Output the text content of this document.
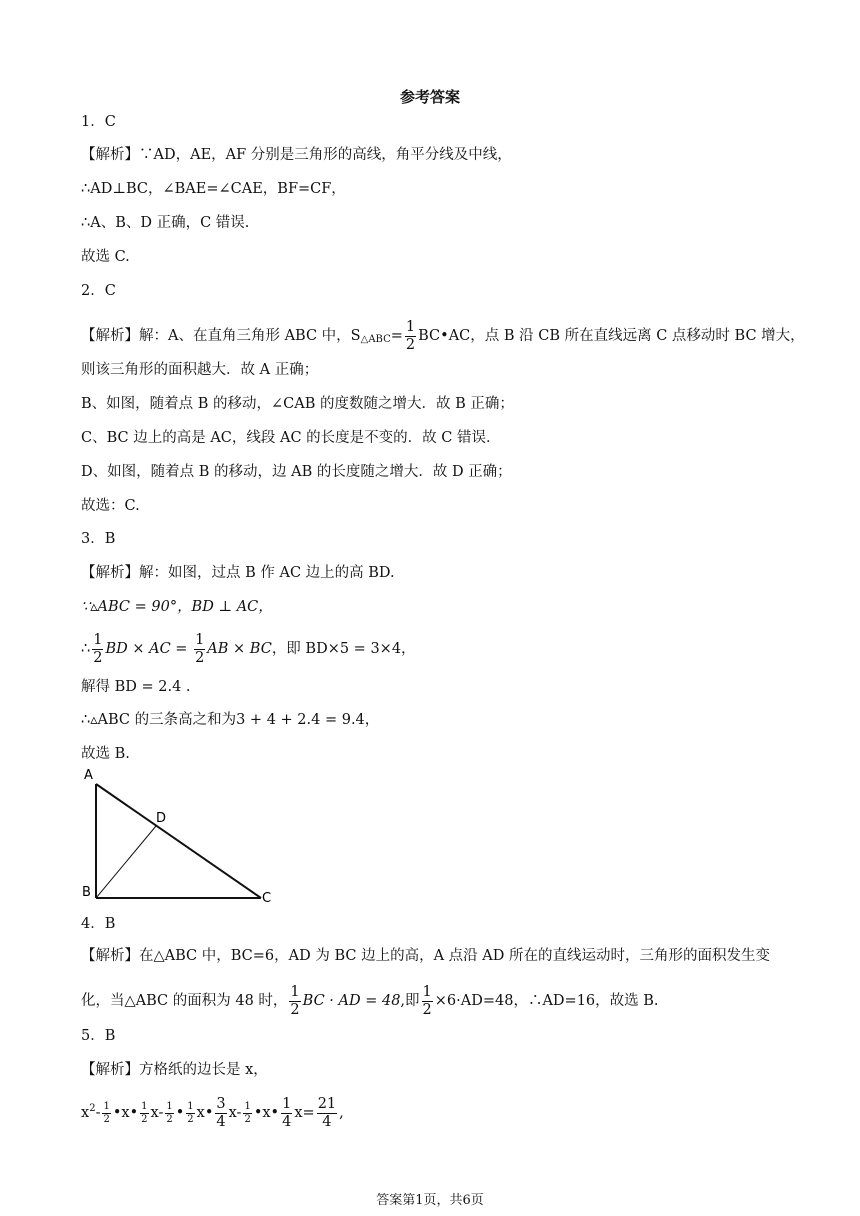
参考答案
1．C
【解析】∵AD，AE，AF 分别是三角形的高线，角平分线及中线，
∴AD⊥BC，∠BAE=∠CAE，BF=CF，
∴A、B、D 正确，C 错误.
故选 C.
2．C
【解析】解：A、在直角三角形 ABC 中，$S_{\triangle ABC}= \frac{1}{2}$ BC•AC，点 B 沿 CB 所在直线远离 C 点移动时 BC 增大，
则该三角形的面积越大．故 A 正确；
B、如图，随着点 B 的移动，∠CAB 的度数随之增大．故 B 正确；
C、BC 边上的高是 AC，线段 AC 的长度是不变的．故 C 错误．
D、如图，随着点 B 的移动，边 AB 的长度随之增大．故 D 正确；
故选：C.
3．B
【解析】解：如图，过点 B 作 AC 边上的高 BD.
∵▵ABC = 90°，BD ⊥ AC，
∴ $\frac{1}{2}$ BD × AC = $\frac{1}{2}$ AB × BC，即 BD×5 = 3×4，
解得 BD = 2.4 .
∴▵ABC 的三条高之和为3 + 4 + 2.4 = 9.4，
故选 B.
A
B	C
D
4．B
【解析】在△ABC 中，BC=6，AD 为 BC 边上的高，A 点沿 AD 所在的直线运动时，三角形的面积发生变
化，当△ABC 的面积为 48 时， $\frac{1}{2}$ BC · AD = 48,即 $\frac{1}{2} \times 6\cdot AD=48$，∴AD=16，故选 B.
5．B
【解析】方格纸的边长是 x，
$x^2- \frac{1}{2}$ •x• $\frac{1}{2} x- \frac{1}{2}$ • $\frac{1}{2}$ x• $\frac{3}{4} x- \frac{1}{2}$ •x• $\frac{1}{4} x= \frac{21}{4}$ ,
答案第1页，共6页
